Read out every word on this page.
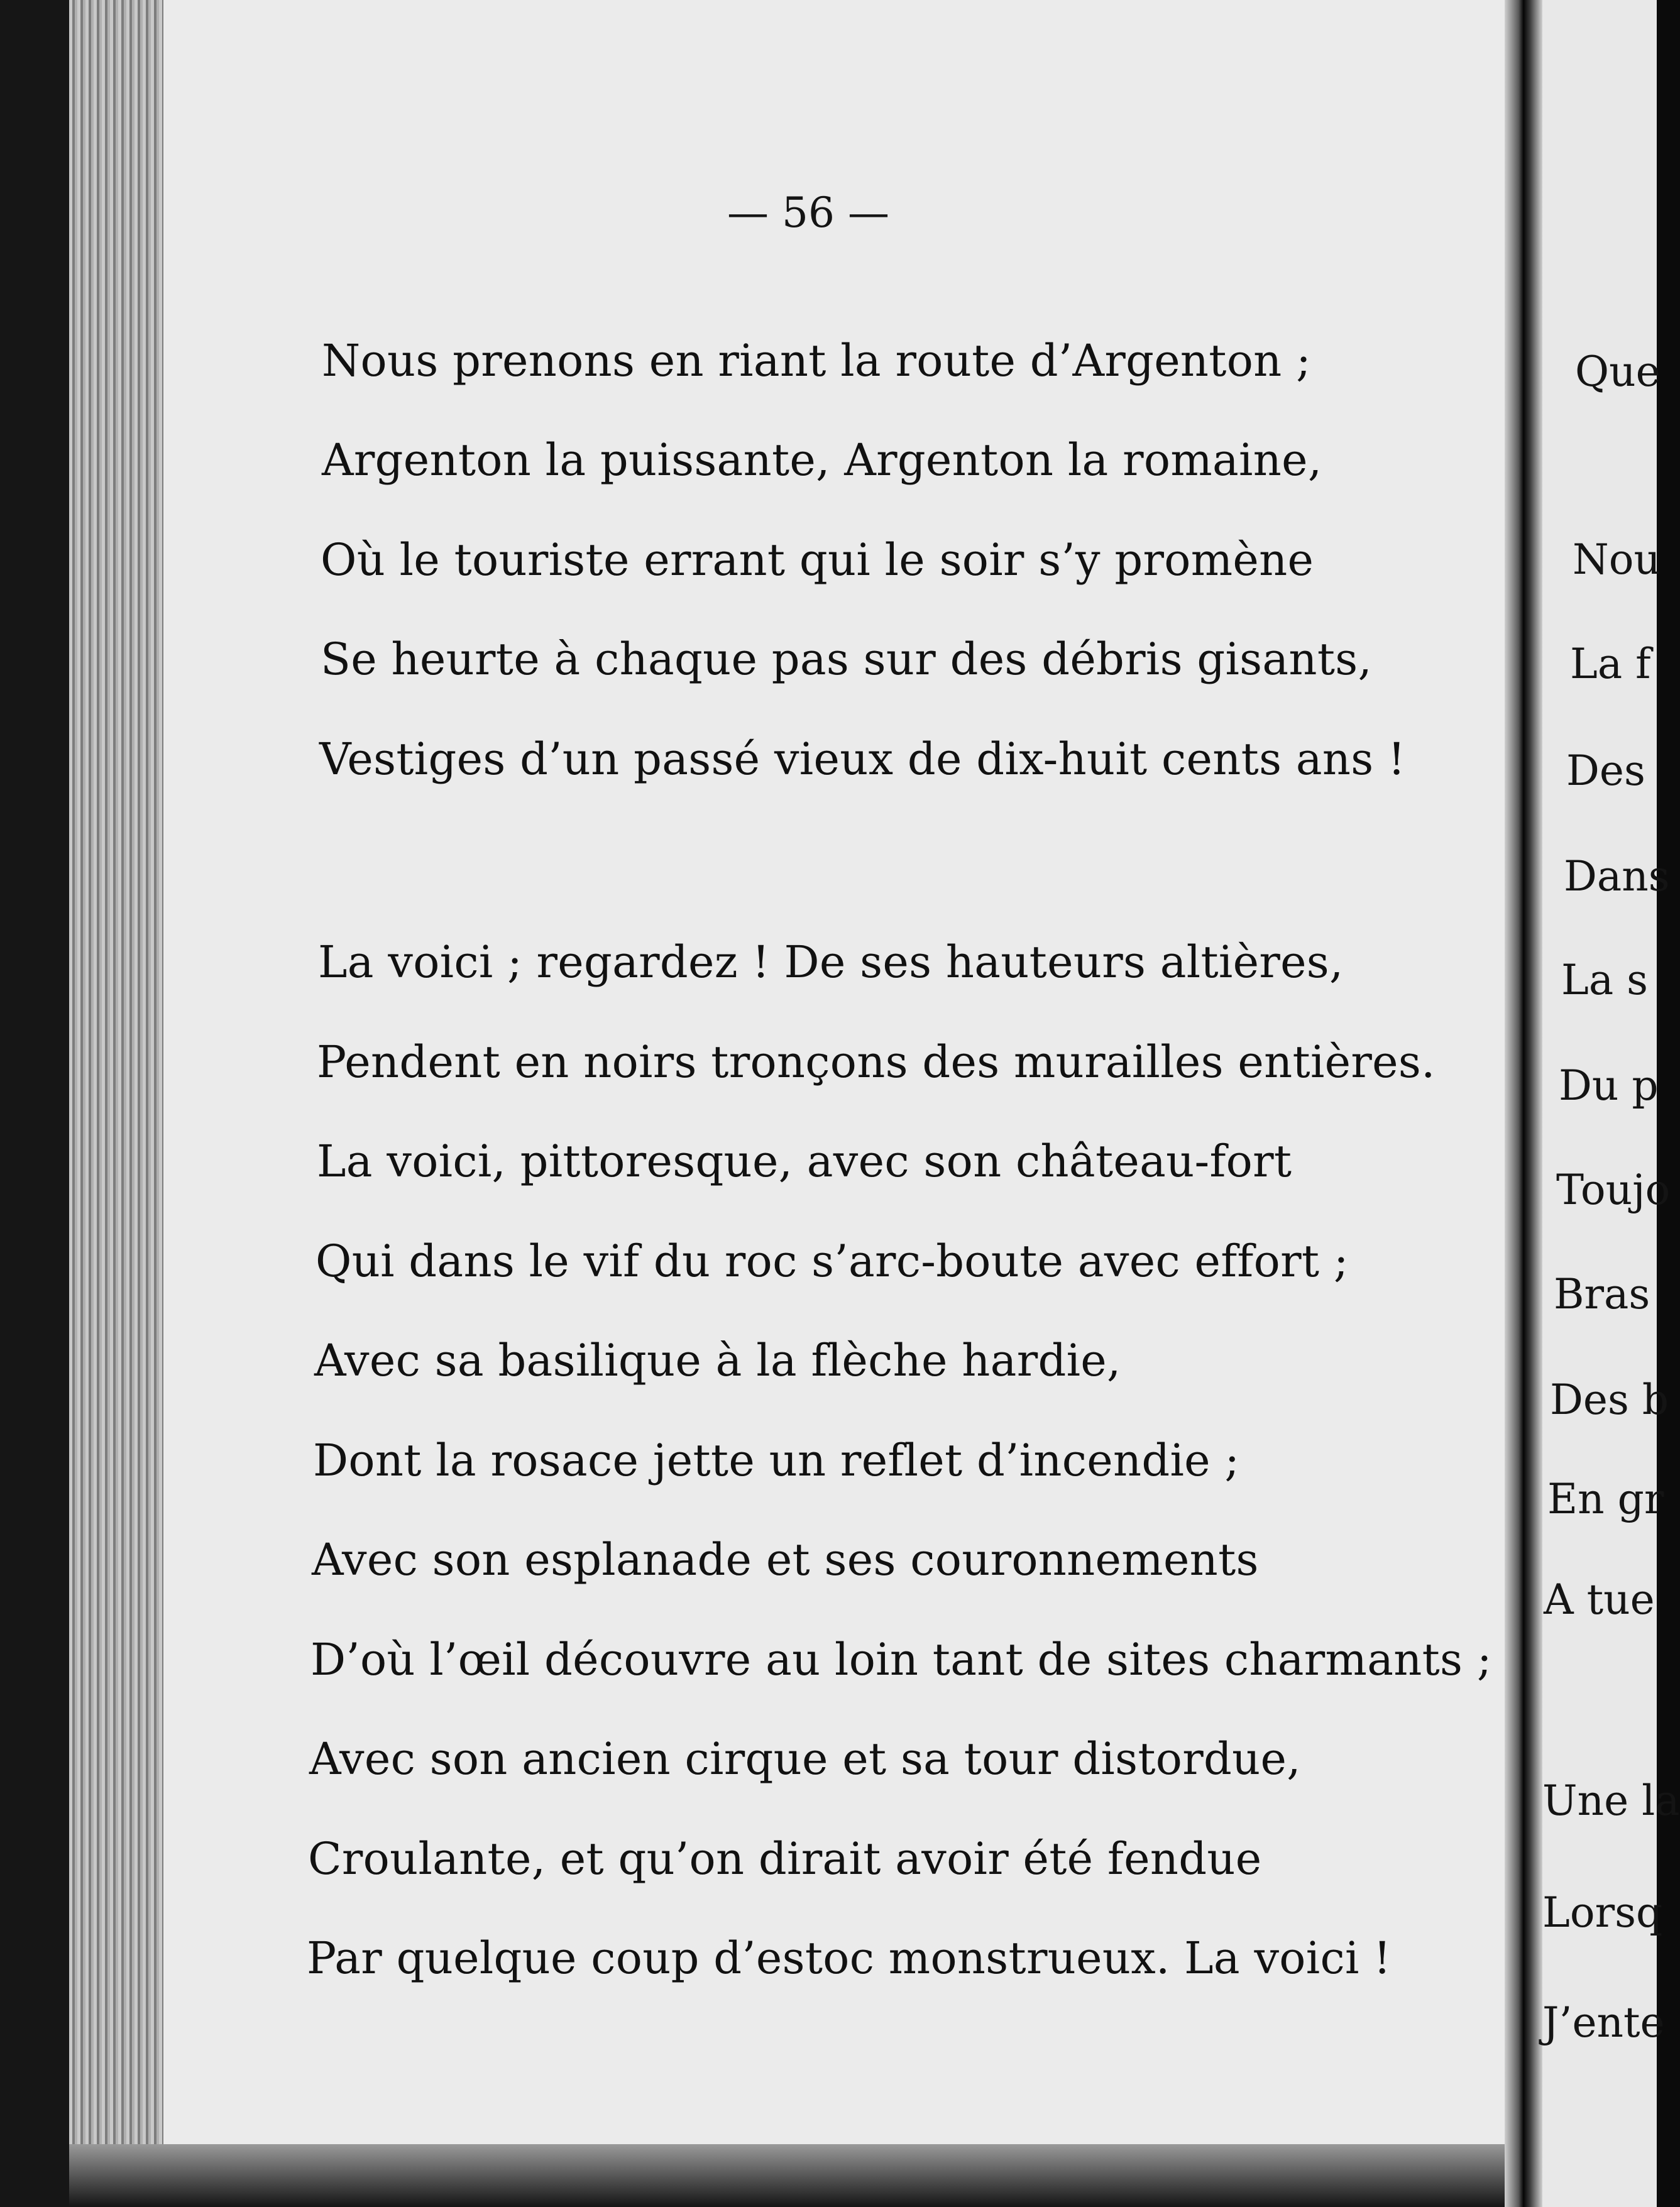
— 56 —
Nous prenons en riant la route d’Argenton ;
Argenton la puissante, Argenton la romaine,
Où le touriste errant qui le soir s’y promène
Se heurte à chaque pas sur des débris gisants,
Vestiges d’un passé vieux de dix-huit cents ans !
La voici ; regardez ! De ses hauteurs altières,
Pendent en noirs tronçons des murailles entières.
La voici, pittoresque, avec son château-fort
Qui dans le vif du roc s’arc-boute avec effort ;
Avec sa basilique à la flèche hardie,
Dont la rosace jette un reflet d’incendie ;
Avec son esplanade et ses couronnements
D’où l’œil découvre au loin tant de sites charmants ;
Avec son ancien cirque et sa tour distordue,
Croulante, et qu’on dirait avoir été fendue
Par quelque coup d’estoc monstrueux. La voici !
Que
Nou
La f
Des
Dans
La s
Du p
Toujo
Bras
Des b
En gr
A tue
Une la
Lorsq
J’ente
